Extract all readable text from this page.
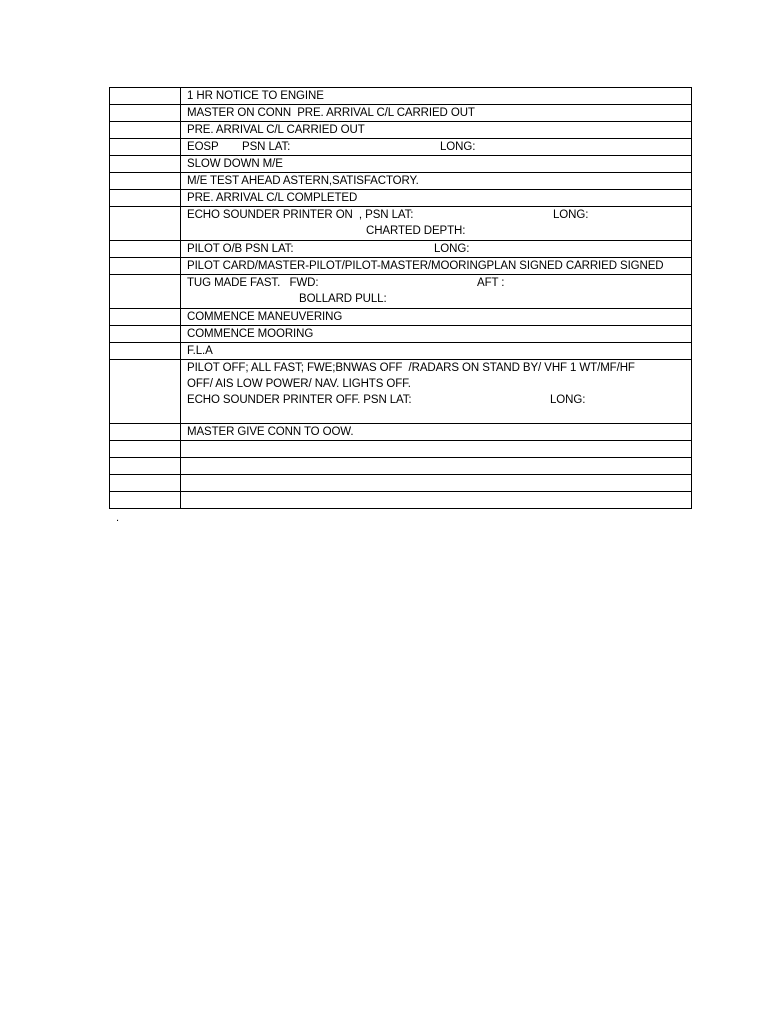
	1 HR NOTICE TO ENGINE

	MASTER ON CONN  PRE. ARRIVAL C/L CARRIED OUT

	PRE. ARRIVAL C/L CARRIED OUT

	EOSP PSN LAT: LONG:

	SLOW DOWN M/E

	M/E TEST AHEAD ASTERN,SATISFACTORY.

	PRE. ARRIVAL C/L COMPLETED

	ECHO SOUNDER PRINTER ON  , PSN LAT: LONG:
CHARTED DEPTH:

	PILOT O/B PSN LAT: LONG:

	PILOT CARD/MASTER-PILOT/PILOT-MASTER/MOORINGPLAN SIGNED CARRIED SIGNED

	TUG MADE FAST.   FWD: AFT :
BOLLARD PULL:

	COMMENCE MANEUVERING

	COMMENCE MOORING

	F.L.A

	PILOT OFF; ALL FAST; FWE;BNWAS OFF  /RADARS ON STAND BY/ VHF 1 WT/MF/HF
OFF/ AIS LOW POWER/ NAV. LIGHTS OFF.
ECHO SOUNDER PRINTER OFF. PSN LAT: LONG:

	MASTER GIVE CONN TO OOW.

.
